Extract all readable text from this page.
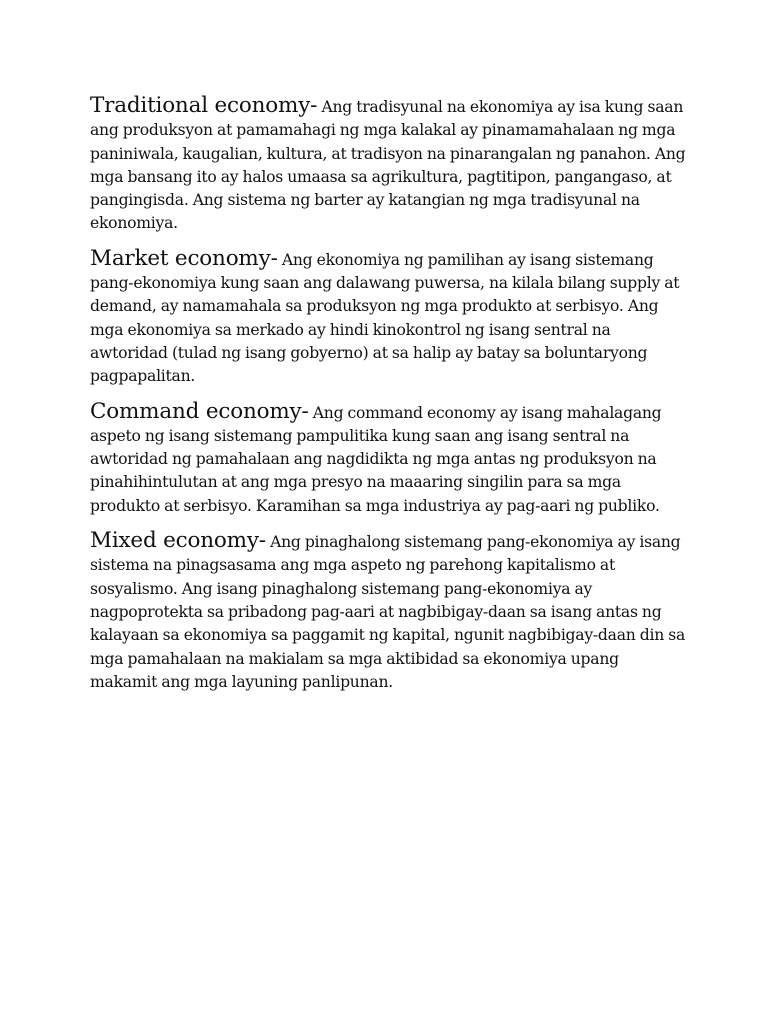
Traditional economy- Ang tradisyunal na ekonomiya ay isa kung saan ang produksyon at pamamahagi ng mga kalakal ay pinamamahalaan ng mga paniniwala, kaugalian, kultura, at tradisyon na pinarangalan ng panahon. Ang mga bansang ito ay halos umaasa sa agrikultura, pagtitipon, pangangaso, at pangingisda. Ang sistema ng barter ay katangian ng mga tradisyunal na ekonomiya.

Market economy- Ang ekonomiya ng pamilihan ay isang sistemang pang-ekonomiya kung saan ang dalawang puwersa, na kilala bilang supply at demand, ay namamahala sa produksyon ng mga produkto at serbisyo. Ang mga ekonomiya sa merkado ay hindi kinokontrol ng isang sentral na awtoridad (tulad ng isang gobyerno) at sa halip ay batay sa boluntaryong pagpapalitan.

Command economy- Ang command economy ay isang mahalagang aspeto ng isang sistemang pampulitika kung saan ang isang sentral na awtoridad ng pamahalaan ang nagdidikta ng mga antas ng produksyon na pinahihintulutan at ang mga presyo na maaaring singilin para sa mga produkto at serbisyo. Karamihan sa mga industriya ay pag-aari ng publiko.

Mixed economy- Ang pinaghalong sistemang pang-ekonomiya ay isang sistema na pinagsasama ang mga aspeto ng parehong kapitalismo at sosyalismo. Ang isang pinaghalong sistemang pang-ekonomiya ay nagpoprotekta sa pribadong pag-aari at nagbibigay-daan sa isang antas ng kalayaan sa ekonomiya sa paggamit ng kapital, ngunit nagbibigay-daan din sa mga pamahalaan na makialam sa mga aktibidad sa ekonomiya upang makamit ang mga layuning panlipunan.
